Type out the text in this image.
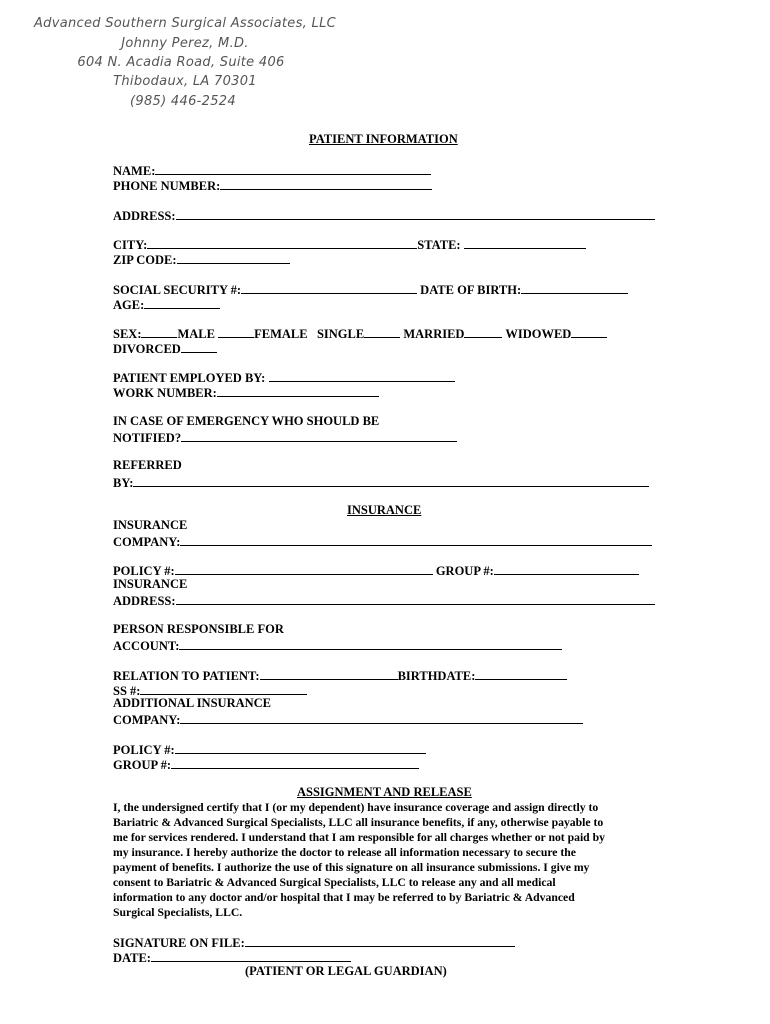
Advanced Southern Surgical Associates, LLC
Johnny Perez, M.D.
604 N. Acadia Road, Suite 406
Thibodaux, LA 70301
(985) 446-2524
PATIENT INFORMATION
NAME:
PHONE NUMBER:
ADDRESS:
CITY:	STATE:
ZIP CODE:
SOCIAL SECURITY #:	DATE OF BIRTH:
AGE:
SEX:	MALE	FEMALE SINGLE	MARRIED	WIDOWED
DIVORCED
PATIENT EMPLOYED BY:
WORK NUMBER:
IN CASE OF EMERGENCY WHO SHOULD BE
NOTIFIED?
REFERRED
BY:
INSURANCE
INSURANCE
COMPANY:
POLICY #:	GROUP #:
INSURANCE
ADDRESS:
PERSON RESPONSIBLE FOR
ACCOUNT:
RELATION TO PATIENT:	BIRTHDATE:
SS #:
ADDITIONAL INSURANCE
COMPANY:
POLICY #:
GROUP #:
ASSIGNMENT AND RELEASE

I, the undersigned certify that I (or my dependent) have insurance coverage and assign directly to

Bariatric & Advanced Surgical Specialists, LLC all insurance benefits, if any, otherwise payable to

me for services rendered. I understand that I am responsible for all charges whether or not paid by

my insurance. I hereby authorize the doctor to release all information necessary to secure the

payment of benefits. I authorize the use of this signature on all insurance submissions. I give my

consent to Bariatric & Advanced Surgical Specialists, LLC to release any and all medical

information to any doctor and/or hospital that I may be referred to by Bariatric & Advanced

Surgical Specialists, LLC.

SIGNATURE ON FILE:
DATE:
(PATIENT OR LEGAL GUARDIAN)
